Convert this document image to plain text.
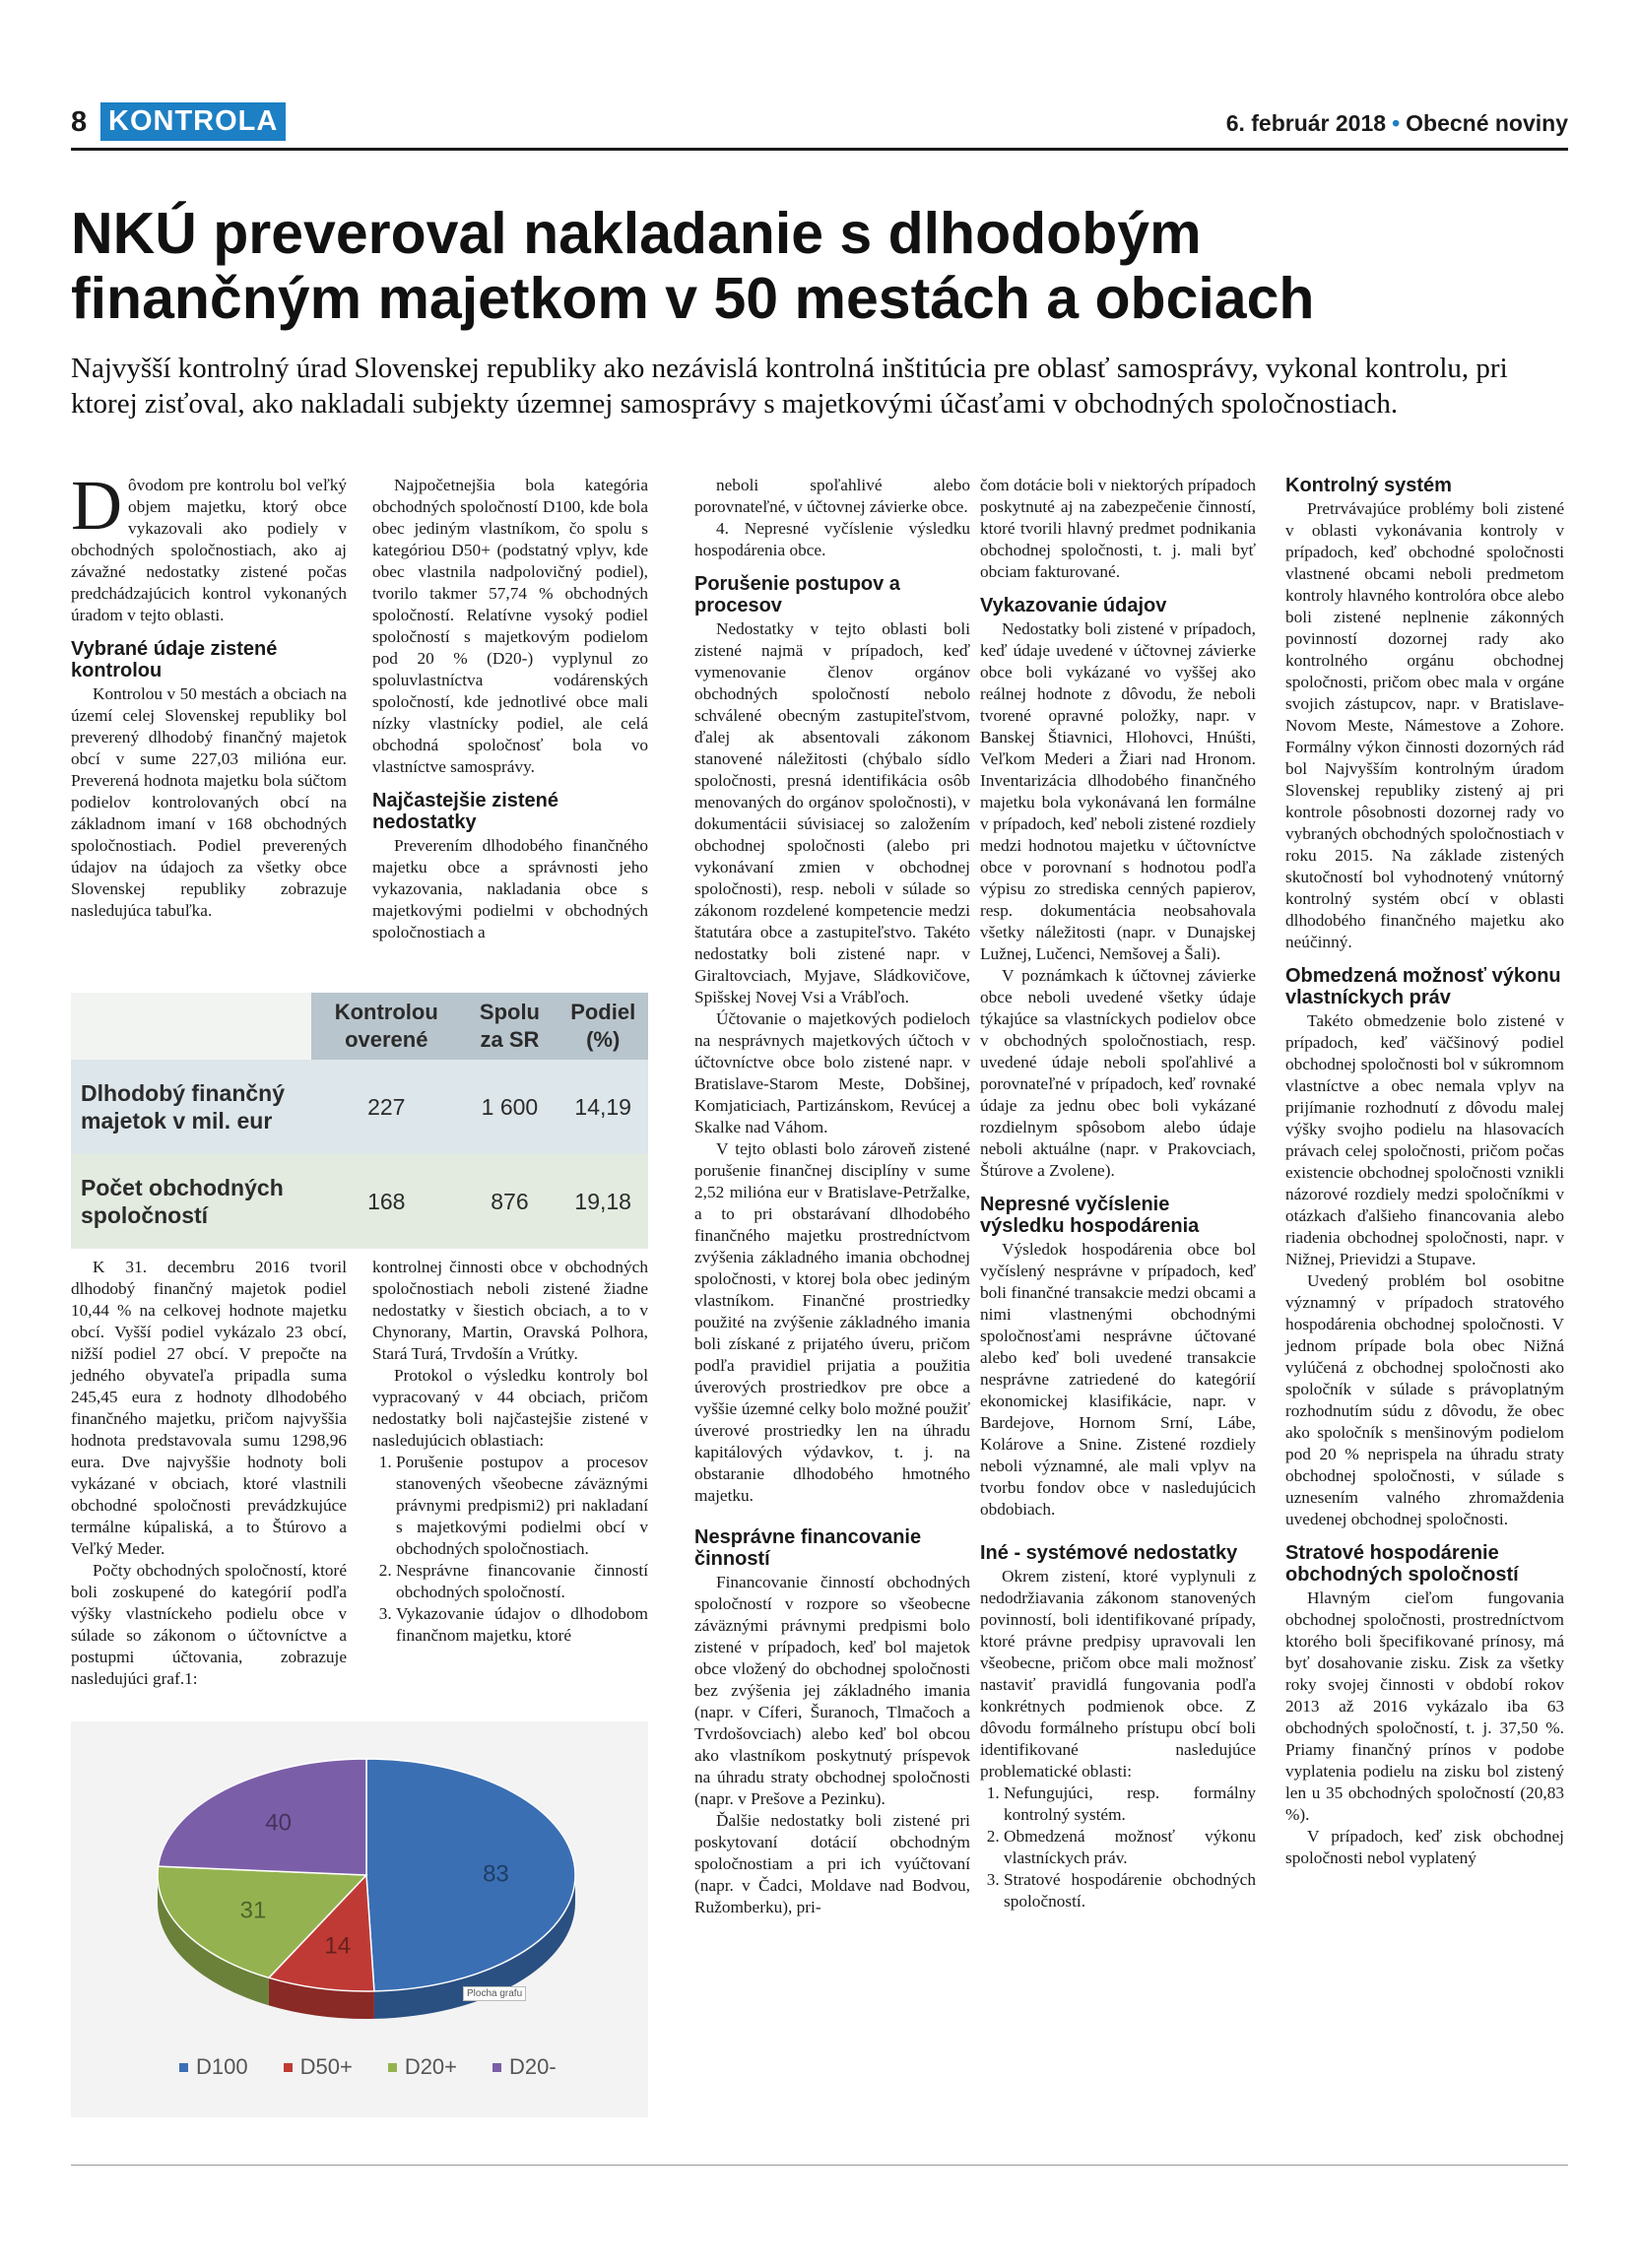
8 KONTROLA	6. február 2018 • Obecné noviny
NKÚ preveroval nakladanie s dlhodobým
finančným majetkom v 50 mestách a obciach
Najvyšší kontrolný úrad Slovenskej republiky ako nezávislá kontrolná inštitúcia pre oblasť samosprávy, vykonal kontrolu, pri ktorej zisťoval, ako nakladali subjekty územnej samosprávy s majetkovými účasťami v obchodných spoločnostiach.

Dôvodom pre kontrolu bol veľký objem majetku, ktorý obce vykazovali ako podiely v obchodných spoločnostiach, ako aj závažné nedostatky zistené počas predchádzajúcich kontrol vykonaných úradom v tejto oblasti.

Vybrané údaje zistené kontrolou

Kontrolou v 50 mestách a obciach na území celej Slovenskej republiky bol preverený dlhodobý finančný majetok obcí v sume 227,03 milióna eur. Preverená hodnota majetku bola súčtom podielov kontrolovaných obcí na základnom imaní v 168 obchodných spoločnostiach. Podiel preverených údajov na údajoch za všetky obce Slovenskej republiky zobrazuje nasledujúca tabuľka.

Najpočetnejšia bola kategória obchodných spoločností D100, kde bola obec jediným vlastníkom, čo spolu s kategóriou D50+ (podstatný vplyv, kde obec vlastnila nadpolovičný podiel), tvorilo takmer 57,74 % obchodných spoločností. Relatívne vysoký podiel spoločností s majetkovým podielom pod 20 % (D20-) vyplynul zo spoluvlastníctva vodárenských spoločností, kde jednotlivé obce mali nízky vlastnícky podiel, ale celá obchodná spoločnosť bola vo vlastníctve samosprávy.

Najčastejšie zistené nedostatky

Preverením dlhodobého finančného majetku obce a správnosti jeho vykazovania, nakladania obce s majetkovými podielmi v obchodných spoločnostiach a

	Kontrolou overené	Spolu za SR	Podiel (%)
Dlhodobý finančný majetok v mil. eur	227	1 600	14,19
Počet obchodných spoločností	168	876	19,18

K 31. decembru 2016 tvoril dlhodobý finančný majetok podiel 10,44 % na celkovej hodnote majetku obcí. Vyšší podiel vykázalo 23 obcí, nižší podiel 27 obcí. V prepočte na jedného obyvateľa pripadla suma 245,45 eura z hodnoty dlhodobého finančného majetku, pričom najvyššia hodnota predstavovala sumu 1298,96 eura. Dve najvyššie hodnoty boli vykázané v obciach, ktoré vlastnili obchodné spoločnosti prevádzkujúce termálne kúpaliská, a to Štúrovo a Veľký Meder.

Počty obchodných spoločností, ktoré boli zoskupené do kategórií podľa výšky vlastníckeho podielu obce v súlade so zákonom o účtovníctve a postupmi účtovania, zobrazuje nasledujúci graf.1:

kontrolnej činnosti obce v obchodných spoločnostiach neboli zistené žiadne nedostatky v šiestich obciach, a to v Chynorany, Martin, Oravská Polhora, Stará Turá, Trvdošín a Vrútky.

Protokol o výsledku kontroly bol vypracovaný v 44 obciach, pričom nedostatky boli najčastejšie zistené v nasledujúcich oblastiach:

1. Porušenie postupov a procesov stanovených všeobecne záväznými právnymi predpismi2) pri nakladaní s majetkovými podielmi obcí v obchodných spoločnostiach.
2. Nesprávne financovanie činností obchodných spoločností.
3. Vykazovanie údajov o dlhodobom finančnom majetku, ktoré
83
14
31
40
Plocha grafu
D100 D50+ D20+ D20-

neboli spoľahlivé alebo porovnateľné, v účtovnej závierke obce.

4. Nepresné vyčíslenie výsledku hospodárenia obce.

Porušenie postupov a procesov

Nedostatky v tejto oblasti boli zistené najmä v prípadoch, keď vymenovanie členov orgánov obchodných spoločností nebolo schválené obecným zastupiteľstvom, ďalej ak absentovali zákonom stanovené náležitosti (chýbalo sídlo spoločnosti, presná identifikácia osôb menovaných do orgánov spoločnosti), v dokumentácii súvisiacej so založením obchodnej spoločnosti (alebo pri vykonávaní zmien v obchodnej spoločnosti), resp. neboli v súlade so zákonom rozdelené kompetencie medzi štatutára obce a zastupiteľstvo. Takéto nedostatky boli zistené napr. v Giraltovciach, Myjave, Sládkovičove, Spišskej Novej Vsi a Vrábľoch.

Účtovanie o majetkových podieloch na nesprávnych majetkových účtoch v účtovníctve obce bolo zistené napr. v Bratislave-Starom Meste, Dobšinej, Komjaticiach, Partizánskom, Revúcej a Skalke nad Váhom.

V tejto oblasti bolo zároveň zistené porušenie finančnej disciplíny v sume 2,52 milióna eur v Bratislave-Petržalke, a to pri obstarávaní dlhodobého finančného majetku prostredníctvom zvýšenia základného imania obchodnej spoločnosti, v ktorej bola obec jediným vlastníkom. Finančné prostriedky použité na zvýšenie základného imania boli získané z prijatého úveru, pričom podľa pravidiel prijatia a použitia úverových prostriedkov pre obce a vyššie územné celky bolo možné použiť úverové prostriedky len na úhradu kapitálových výdavkov, t. j. na obstaranie dlhodobého hmotného majetku.

Nesprávne financovanie činností

Financovanie činností obchodných spoločností v rozpore so všeobecne záväznými právnymi predpismi bolo zistené v prípadoch, keď bol majetok obce vložený do obchodnej spoločnosti bez zvýšenia jej základného imania (napr. v Cíferi, Šuranoch, Tlmačoch a Tvrdošovciach) alebo keď bol obcou ako vlastníkom poskytnutý príspevok na úhradu straty obchodnej spoločnosti (napr. v Prešove a Pezinku).

Ďalšie nedostatky boli zistené pri poskytovaní dotácií obchodným spoločnostiam a pri ich vyúčtovaní (napr. v Čadci, Moldave nad Bodvou, Ružomberku), pri-

čom dotácie boli v niektorých prípadoch poskytnuté aj na zabezpečenie činností, ktoré tvorili hlavný predmet podnikania obchodnej spoločnosti, t. j. mali byť obciam fakturované.

Vykazovanie údajov

Nedostatky boli zistené v prípadoch, keď údaje uvedené v účtovnej závierke obce boli vykázané vo vyššej ako reálnej hodnote z dôvodu, že neboli tvorené opravné položky, napr. v Banskej Štiavnici, Hlohovci, Hnúšti, Veľkom Mederi a Žiari nad Hronom. Inventarizácia dlhodobého finančného majetku bola vykonávaná len formálne v prípadoch, keď neboli zistené rozdiely medzi hodnotou majetku v účtovníctve obce v porovnaní s hodnotou podľa výpisu zo strediska cenných papierov, resp. dokumentácia neobsahovala všetky náležitosti (napr. v Dunajskej Lužnej, Lučenci, Nemšovej a Šali).

V poznámkach k účtovnej závierke obce neboli uvedené všetky údaje týkajúce sa vlastníckych podielov obce v obchodných spoločnostiach, resp. uvedené údaje neboli spoľahlivé a porovnateľné v prípadoch, keď rovnaké údaje za jednu obec boli vykázané rozdielnym spôsobom alebo údaje neboli aktuálne (napr. v Prakovciach, Štúrove a Zvolene).

Nepresné vyčíslenie výsledku hospodárenia

Výsledok hospodárenia obce bol vyčíslený nesprávne v prípadoch, keď boli finančné transakcie medzi obcami a nimi vlastnenými obchodnými spoločnosťami nesprávne účtované alebo keď boli uvedené transakcie nesprávne zatriedené do kategórií ekonomickej klasifikácie, napr. v Bardejove, Hornom Srní, Lábe, Kolárove a Snine. Zistené rozdiely neboli významné, ale mali vplyv na tvorbu fondov obce v nasledujúcich obdobiach.

Iné - systémové nedostatky

Okrem zistení, ktoré vyplynuli z nedodržiavania zákonom stanovených povinností, boli identifikované prípady, ktoré právne predpisy upravovali len všeobecne, pričom obce mali možnosť nastaviť pravidlá fungovania podľa konkrétnych podmienok obce. Z dôvodu formálneho prístupu obcí boli identifikované nasledujúce problematické oblasti:

1. Nefungujúci, resp. formálny kontrolný systém.
2. Obmedzená možnosť výkonu vlastníckych práv.
3. Stratové hospodárenie obchodných spoločností.
Kontrolný systém

Pretrvávajúce problémy boli zistené v oblasti vykonávania kontroly v prípadoch, keď obchodné spoločnosti vlastnené obcami neboli predmetom kontroly hlavného kontrolóra obce alebo boli zistené neplnenie zákonných povinností dozornej rady ako kontrolného orgánu obchodnej spoločnosti, pričom obec mala v orgáne svojich zástupcov, napr. v Bratislave-Novom Meste, Námestove a Zohore. Formálny výkon činnosti dozorných rád bol Najvyšším kontrolným úradom Slovenskej republiky zistený aj pri kontrole pôsobnosti dozornej rady vo vybraných obchodných spoločnostiach v roku 2015. Na základe zistených skutočností bol vyhodnotený vnútorný kontrolný systém obcí v oblasti dlhodobého finančného majetku ako neúčinný.

Obmedzená možnosť výkonu vlastníckych práv

Takéto obmedzenie bolo zistené v prípadoch, keď väčšinový podiel obchodnej spoločnosti bol v súkromnom vlastníctve a obec nemala vplyv na prijímanie rozhodnutí z dôvodu malej výšky svojho podielu na hlasovacích právach celej spoločnosti, pričom počas existencie obchodnej spoločnosti vznikli názorové rozdiely medzi spoločníkmi v otázkach ďalšieho financovania alebo riadenia obchodnej spoločnosti, napr. v Nižnej, Prievidzi a Stupave.

Uvedený problém bol osobitne významný v prípadoch stratového hospodárenia obchodnej spoločnosti. V jednom prípade bola obec Nižná vylúčená z obchodnej spoločnosti ako spoločník v súlade s právoplatným rozhodnutím súdu z dôvodu, že obec ako spoločník s menšinovým podielom pod 20 % neprispela na úhradu straty obchodnej spoločnosti, v súlade s uznesením valného zhromaždenia uvedenej obchodnej spoločnosti.

Stratové hospodárenie obchodných spoločností

Hlavným cieľom fungovania obchodnej spoločnosti, prostredníctvom ktorého boli špecifikované prínosy, má byť dosahovanie zisku. Zisk za všetky roky svojej činnosti v období rokov 2013 až 2016 vykázalo iba 63 obchodných spoločností, t. j. 37,50 %. Priamy finančný prínos v podobe vyplatenia podielu na zisku bol zistený len u 35 obchodných spoločností (20,83 %).

V prípadoch, keď zisk obchodnej spoločnosti nebol vyplatený
